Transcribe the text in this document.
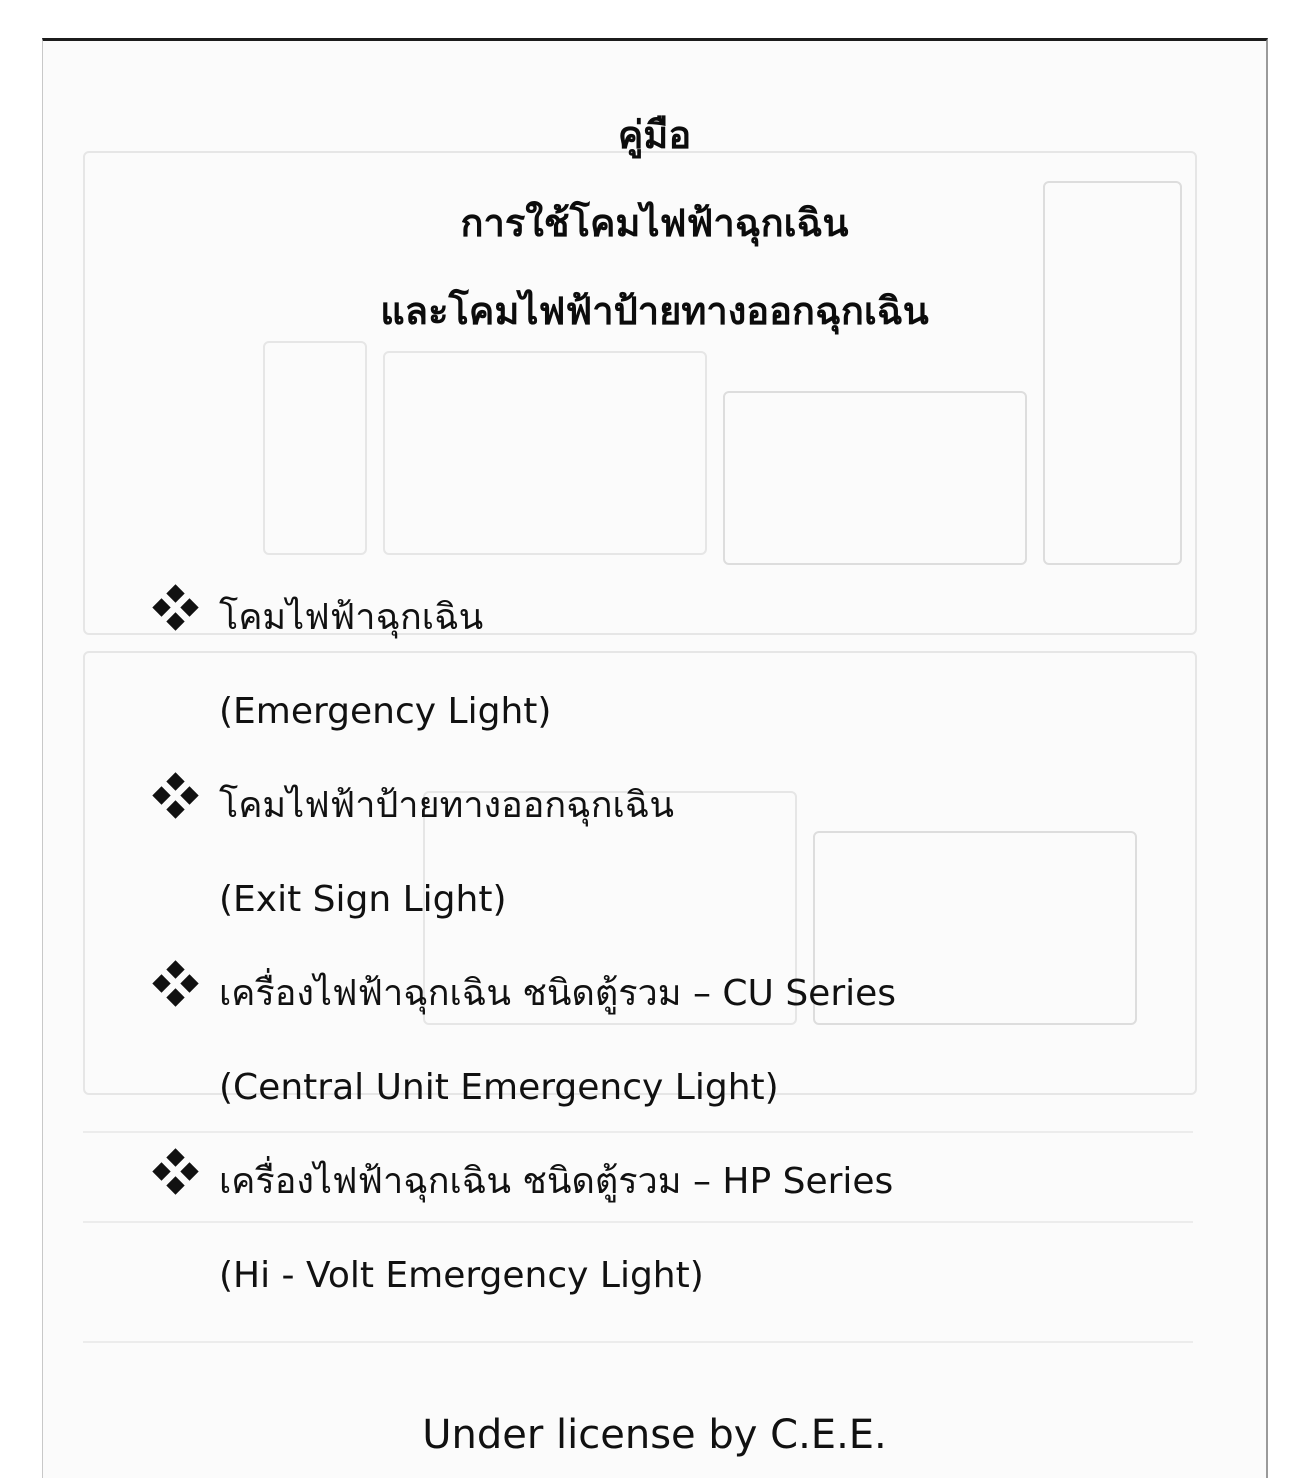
คู่มือ
การใช้โคมไฟฟ้าฉุกเฉิน
และโคมไฟฟ้าป้ายทางออกฉุกเฉิน
โคมไฟฟ้าฉุกเฉิน
(Emergency Light)
โคมไฟฟ้าป้ายทางออกฉุกเฉิน
(Exit Sign Light)
เครื่องไฟฟ้าฉุกเฉิน ชนิดตู้รวม – CU Series
(Central Unit Emergency Light)
เครื่องไฟฟ้าฉุกเฉิน ชนิดตู้รวม – HP Series
(Hi - Volt Emergency Light)
Under license by C.E.E.
